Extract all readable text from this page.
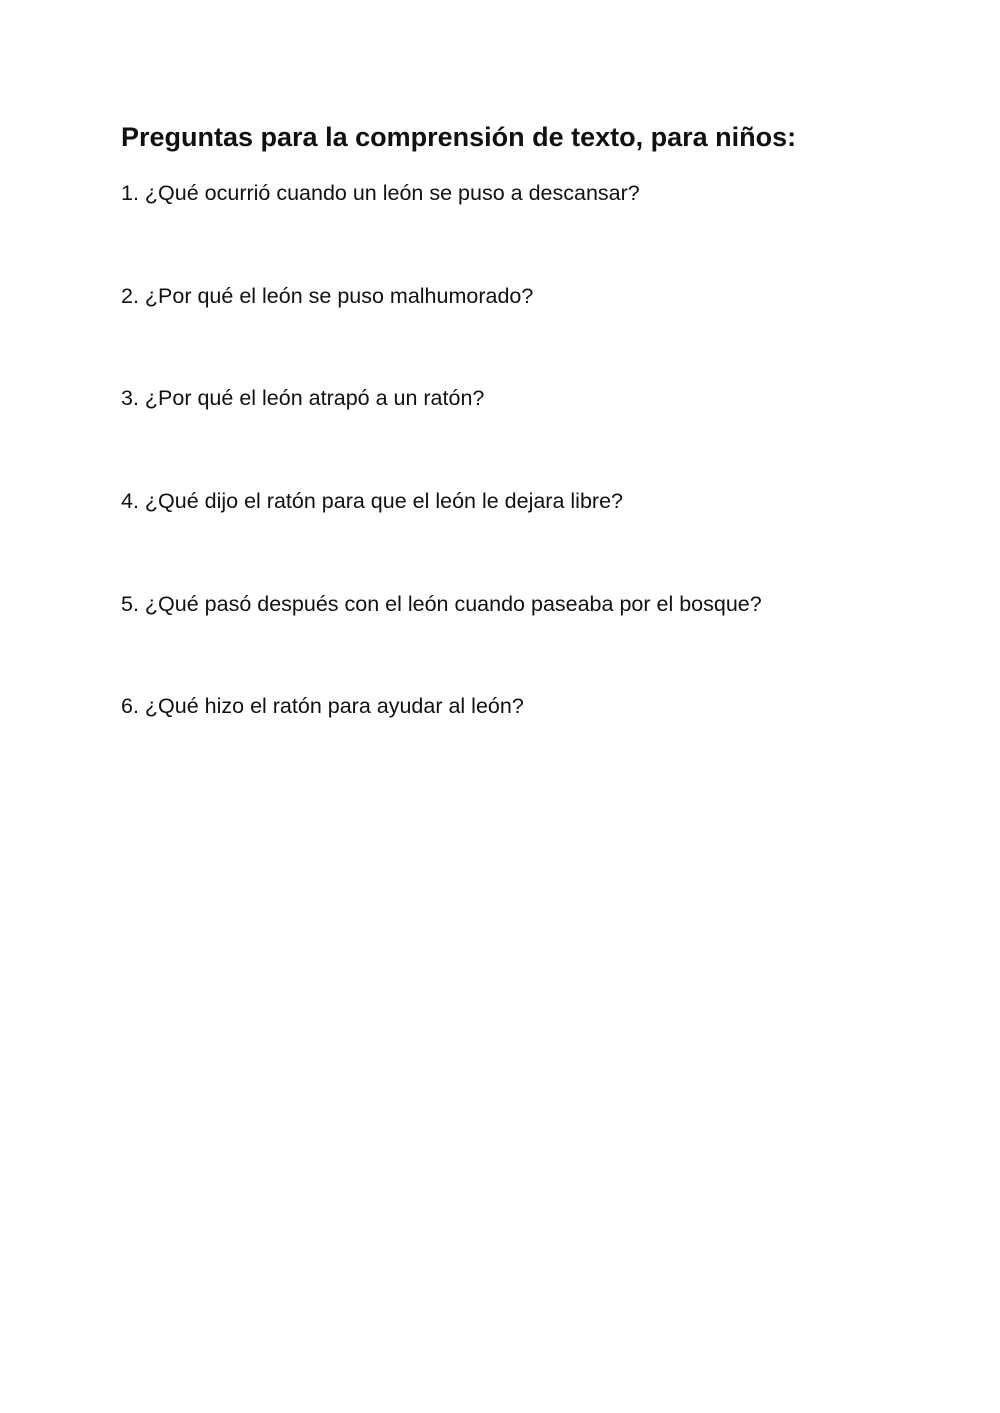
Preguntas para la comprensión de texto, para niños:
1. ¿Qué ocurrió cuando un león se puso a descansar?
2. ¿Por qué el león se puso malhumorado?
3. ¿Por qué el león atrapó a un ratón?
4. ¿Qué dijo el ratón para que el león le dejara libre?
5. ¿Qué pasó después con el león cuando paseaba por el bosque?
6. ¿Qué hizo el ratón para ayudar al león?
